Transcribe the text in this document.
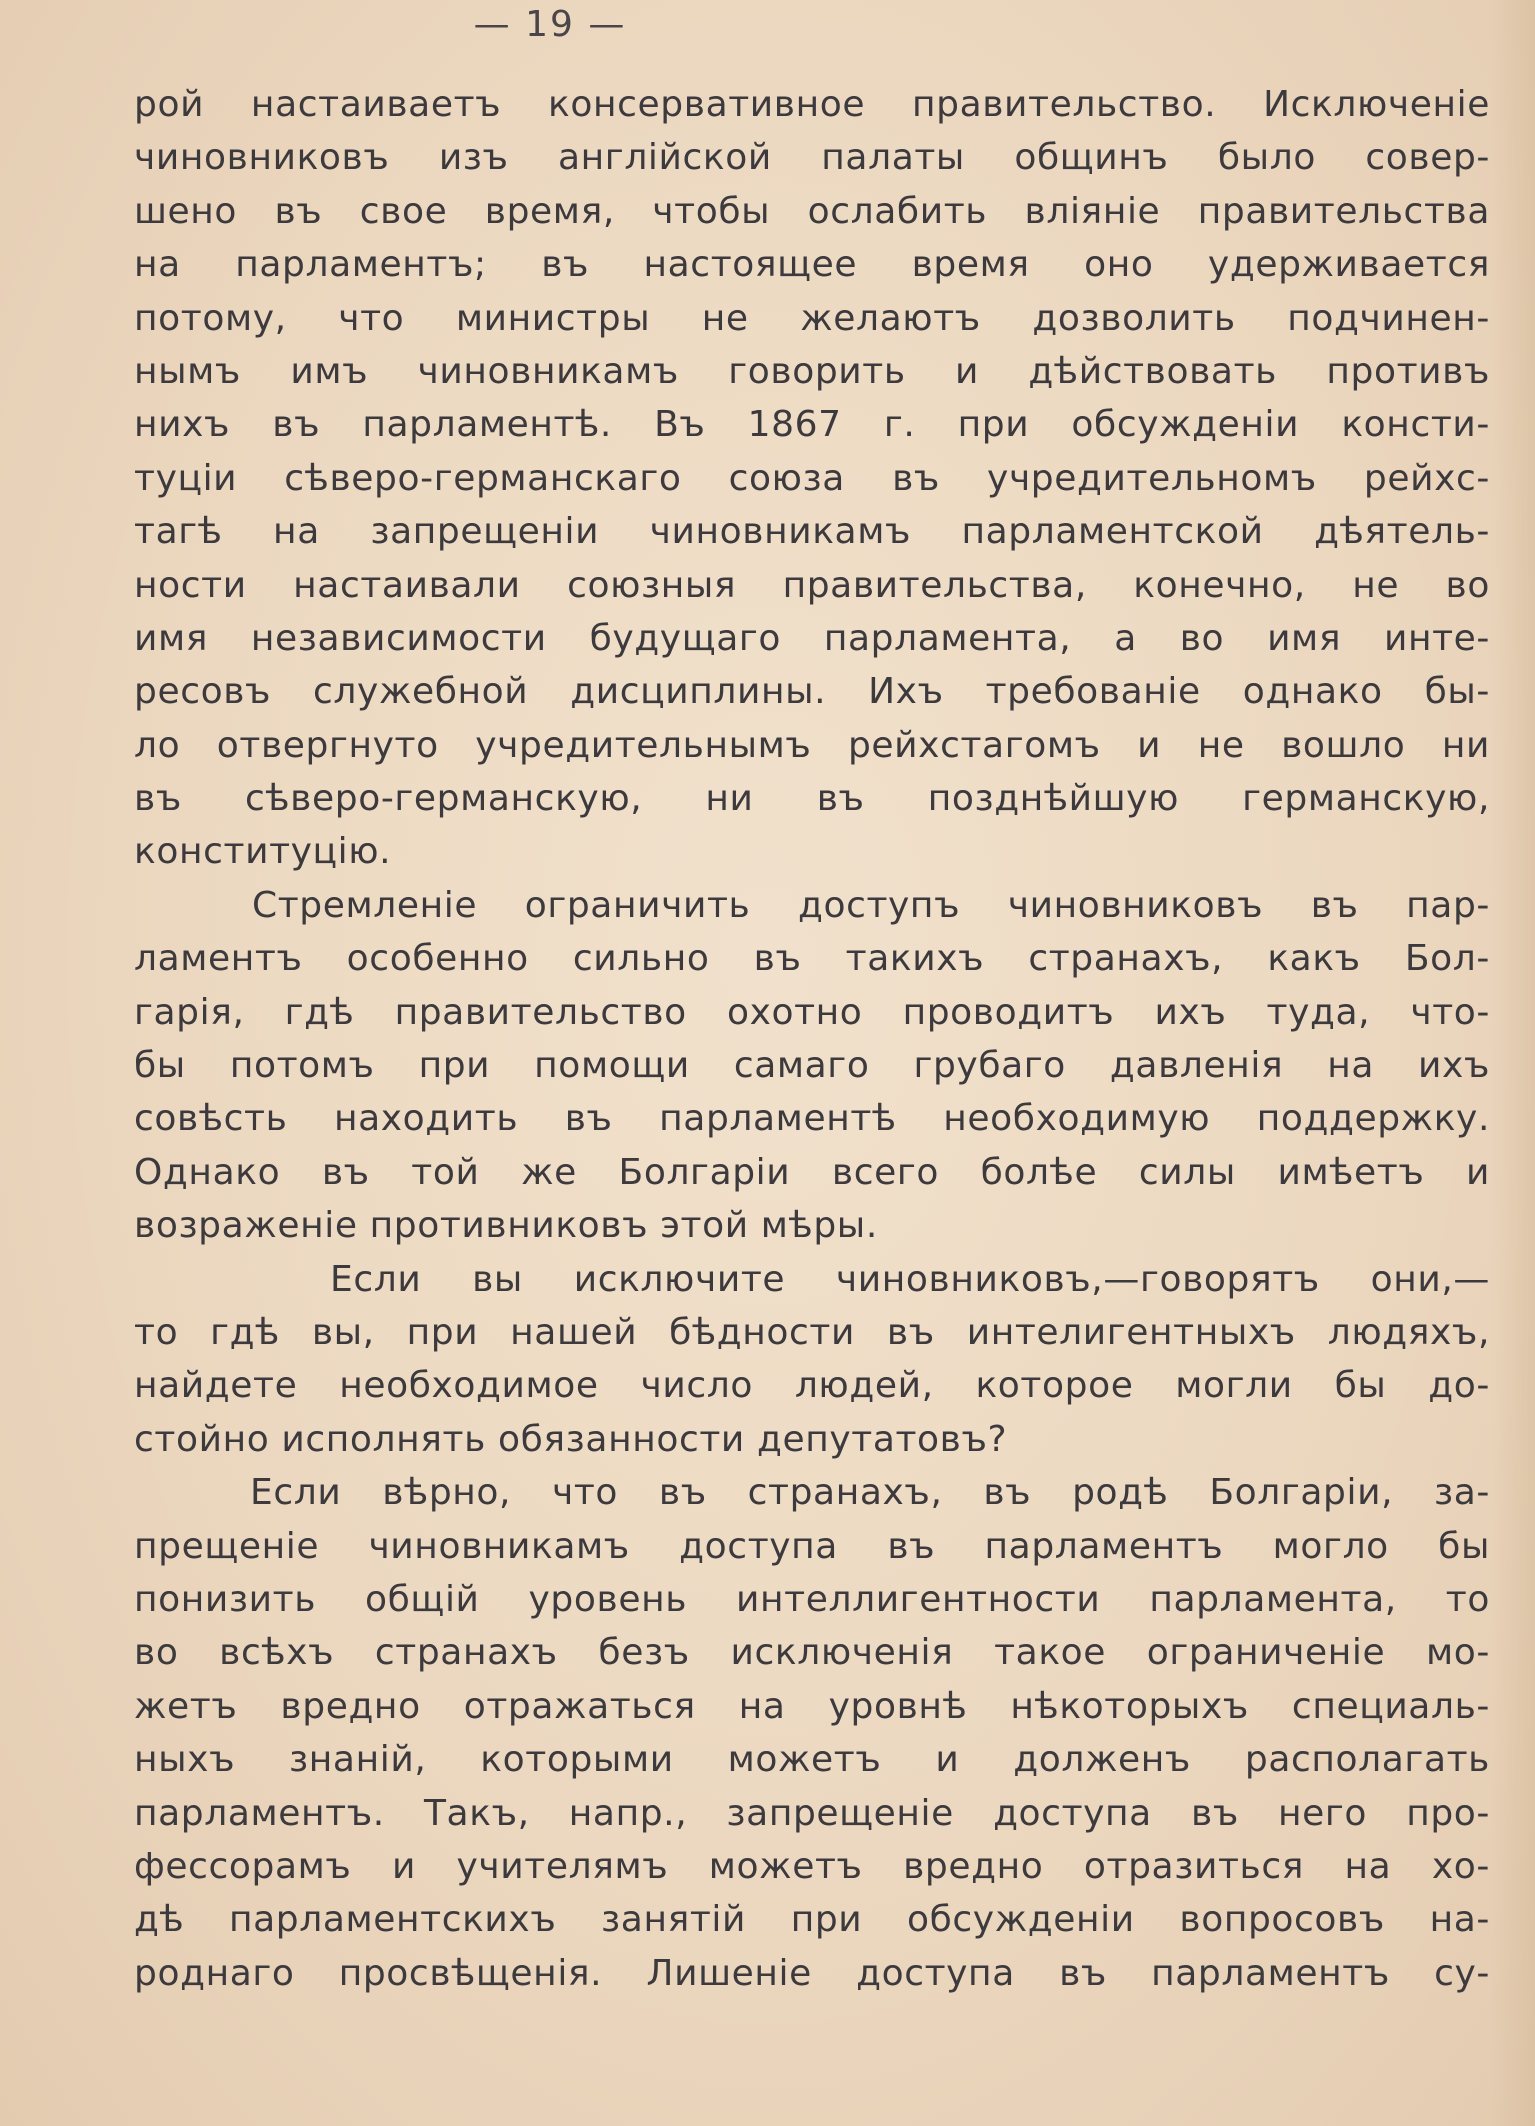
— 19 —
рой настаиваетъ консервативное правительство. Исключенiе
чиновниковъ изъ англiйской палаты общинъ было совер-
шено въ свое время, чтобы ослабить влiянiе правительства
на парламентъ; въ настоящее время оно удерживается
потому, что министры не желаютъ дозволить подчинен-
нымъ имъ чиновникамъ говорить и дѣйствовать противъ
нихъ въ парламентѣ. Въ 1867 г. при обсужденiи консти-
туцiи сѣверо-германскаго союза въ учредительномъ рейхс-
тагѣ на запрещенiи чиновникамъ парламентской дѣятель-
ности настаивали союзныя правительства, конечно, не во
имя независимости будущаго парламента, а во имя инте-
ресовъ служебной дисциплины. Ихъ требованiе однако бы-
ло отвергнуто учредительнымъ рейхстагомъ и не вошло ни
въ сѣверо-германскую, ни въ позднѣйшую германскую,
конституцiю.
Стремленiе ограничить доступъ чиновниковъ въ пар-
ламентъ особенно сильно въ такихъ странахъ, какъ Бол-
гарiя, гдѣ правительство охотно проводитъ ихъ туда, что-
бы потомъ при помощи самаго грубаго давленiя на ихъ
совѣсть находить въ парламентѣ необходимую поддержку.
Однако въ той же Болгарiи всего болѣе силы имѣетъ и
возраженiе противниковъ этой мѣры.
Если вы исключите чиновниковъ,—говорятъ они,—
то гдѣ вы, при нашей бѣдности въ интелигентныхъ людяхъ,
найдете необходимое число людей, которое могли бы до-
стойно исполнять обязанности депутатовъ?
Если вѣрно, что въ странахъ, въ родѣ Болгарiи, за-
прещенiе чиновникамъ доступа въ парламентъ могло бы
понизить общiй уровень интеллигентности парламента, то
во всѣхъ странахъ безъ исключенiя такое ограниченiе мо-
жетъ вредно отражаться на уровнѣ нѣкоторыхъ специаль-
ныхъ знанiй, которыми можетъ и долженъ располагать
парламентъ. Такъ, напр., запрещенiе доступа въ него про-
фессорамъ и учителямъ можетъ вредно отразиться на хо-
дѣ парламентскихъ занятiй при обсужденiи вопросовъ на-
роднаго просвѣщенiя. Лишенiе доступа въ парламентъ су-
